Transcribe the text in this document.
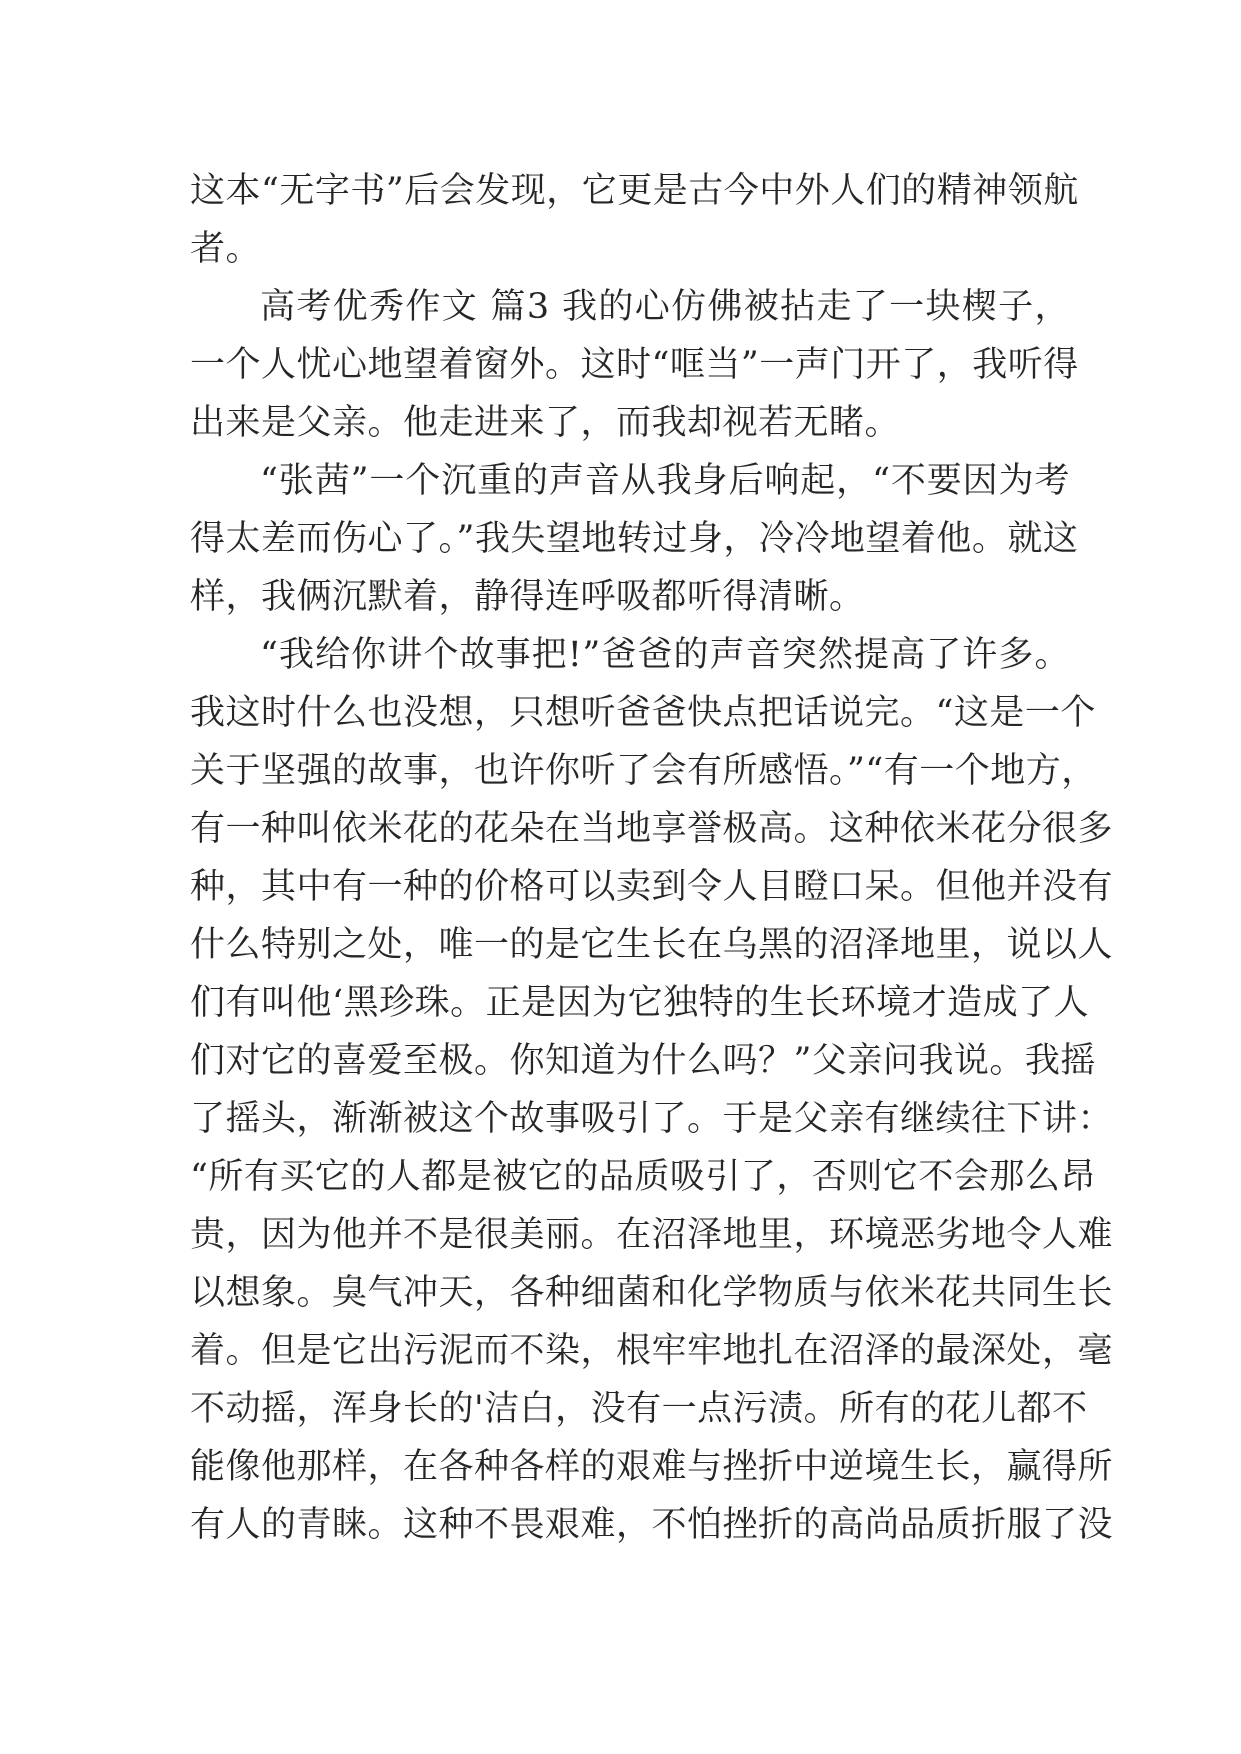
这本“无字书”后会发现，它更是古今中外人们的精神领航
者。
高考优秀作文 篇3 我的心仿佛被拈走了一块楔子，
一个人忧心地望着窗外。这时“哐当”一声门开了，我听得
出来是父亲。他走进来了，而我却视若无睹。
“张茜”一个沉重的声音从我身后响起，“不要因为考
得太差而伤心了。”我失望地转过身，冷冷地望着他。就这
样，我俩沉默着，静得连呼吸都听得清晰。
“我给你讲个故事把!”爸爸的声音突然提高了许多。
我这时什么也没想，只想听爸爸快点把话说完。“这是一个
关于坚强的故事，也许你听了会有所感悟。”“有一个地方，
有一种叫依米花的花朵在当地享誉极高。这种依米花分很多
种，其中有一种的价格可以卖到令人目瞪口呆。但他并没有
什么特别之处，唯一的是它生长在乌黑的沼泽地里，说以人
们有叫他‘黑珍珠。正是因为它独特的生长环境才造成了人
们对它的喜爱至极。你知道为什么吗？”父亲问我说。我摇
了摇头，渐渐被这个故事吸引了。于是父亲有继续往下讲：
“所有买它的人都是被它的品质吸引了，否则它不会那么昂
贵，因为他并不是很美丽。在沼泽地里，环境恶劣地令人难
以想象。臭气冲天，各种细菌和化学物质与依米花共同生长
着。但是它出污泥而不染，根牢牢地扎在沼泽的最深处，毫
不动摇，浑身长的'洁白，没有一点污渍。所有的花儿都不
能像他那样，在各种各样的艰难与挫折中逆境生长，赢得所
有人的青睐。这种不畏艰难，不怕挫折的高尚品质折服了没
